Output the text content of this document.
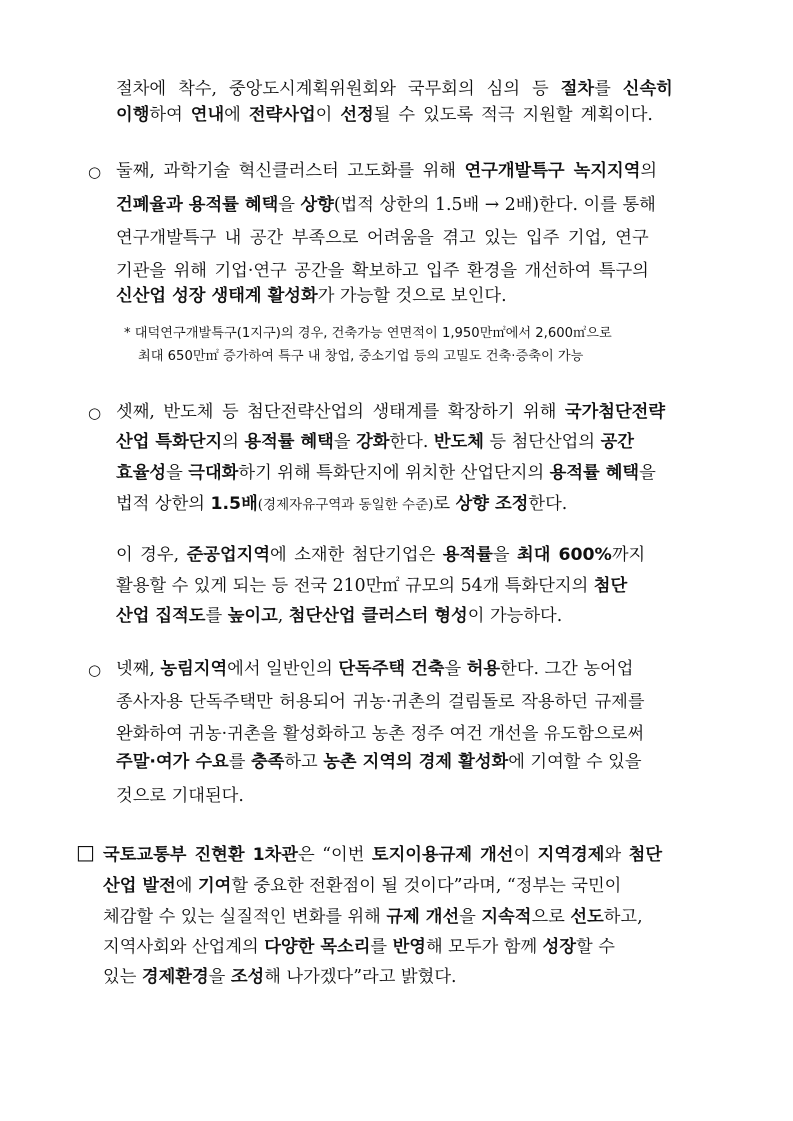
절차에 착수, 중앙도시계획위원회와 국무회의 심의 등 절차를 신속히
이행하여 연내에 전략사업이 선정될 수 있도록 적극 지원할 계획이다.
○ 둘째, 과학기술 혁신클러스터 고도화를 위해 연구개발특구 녹지지역의
건폐율과 용적률 혜택을 상향(법적 상한의 1.5배 → 2배)한다. 이를 통해
연구개발특구 내 공간 부족으로 어려움을 겪고 있는 입주 기업, 연구
기관을 위해 기업·연구 공간을 확보하고 입주 환경을 개선하여 특구의
신산업 성장 생태계 활성화가 가능할 것으로 보인다.
* 대덕연구개발특구(1지구)의 경우, 건축가능 연면적이 1,950만㎡에서 2,600㎡으로
최대 650만㎡ 증가하여 특구 내 창업, 중소기업 등의 고밀도 건축·증축이 가능
○ 셋째, 반도체 등 첨단전략산업의 생태계를 확장하기 위해 국가첨단전략
산업 특화단지의 용적률 혜택을 강화한다. 반도체 등 첨단산업의 공간
효율성을 극대화하기 위해 특화단지에 위치한 산업단지의 용적률 혜택을
법적 상한의 1.5배(경제자유구역과 동일한 수준)로 상향 조정한다.
이 경우, 준공업지역에 소재한 첨단기업은 용적률을 최대 600%까지
활용할 수 있게 되는 등 전국 210만㎡ 규모의 54개 특화단지의 첨단
산업 집적도를 높이고, 첨단산업 클러스터 형성이 가능하다.
○ 넷째, 농림지역에서 일반인의 단독주택 건축을 허용한다. 그간 농어업
종사자용 단독주택만 허용되어 귀농·귀촌의 걸림돌로 작용하던 규제를
완화하여 귀농·귀촌을 활성화하고 농촌 정주 여건 개선을 유도함으로써
주말·여가 수요를 충족하고 농촌 지역의 경제 활성화에 기여할 수 있을
것으로 기대된다.
□ 국토교통부 진현환 1차관은 “이번 토지이용규제 개선이 지역경제와 첨단
산업 발전에 기여할 중요한 전환점이 될 것이다”라며, “정부는 국민이
체감할 수 있는 실질적인 변화를 위해 규제 개선을 지속적으로 선도하고,
지역사회와 산업계의 다양한 목소리를 반영해 모두가 함께 성장할 수
있는 경제환경을 조성해 나가겠다”라고 밝혔다.
